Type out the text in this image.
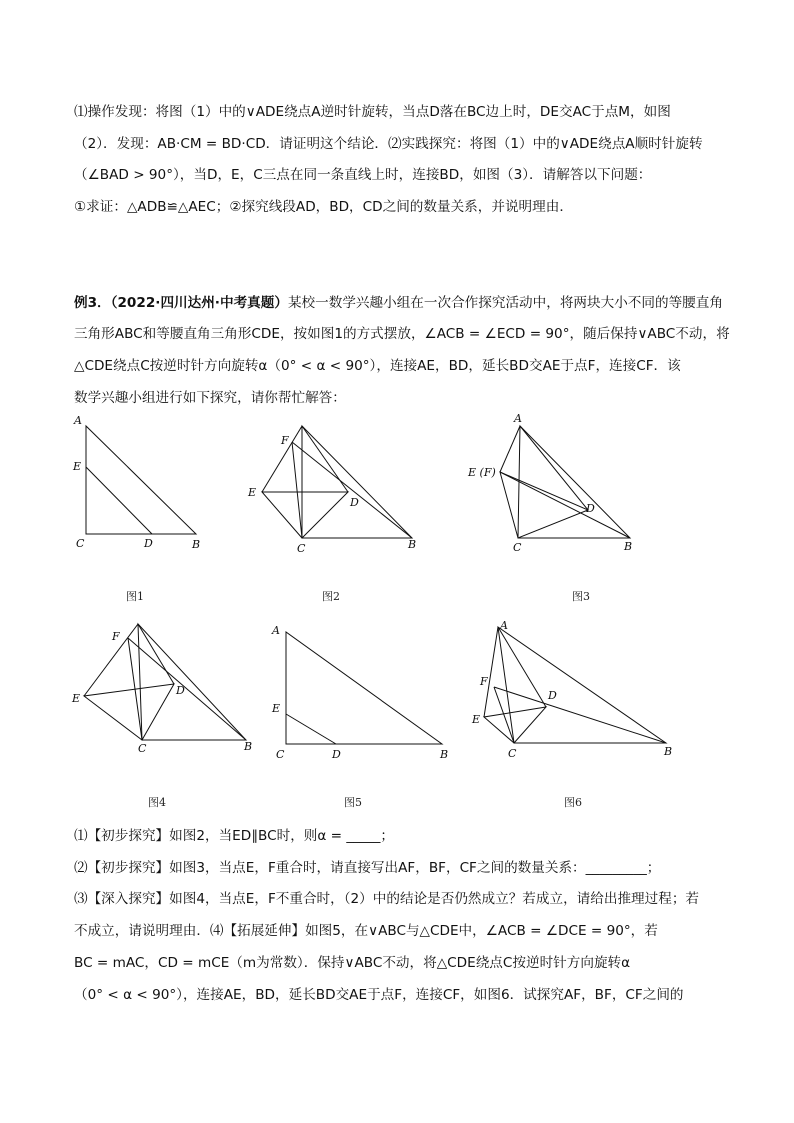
⑴操作发现：将图（1）中的∨ADE绕点A逆时针旋转，当点D落在BC边上时，DE交AC于点M，如图
（2）．发现：AB·CM = BD·CD．请证明这个结论．⑵实践探究：将图（1）中的∨ADE绕点A顺时针旋转
（∠BAD > 90°），当D，E，C三点在同一条直线上时，连接BD，如图（3）．请解答以下问题：
①求证：△ADB≌△AEC；②探究线段AD，BD，CD之间的数量关系，并说明理由．
例3．（2022·四川达州·中考真题）某校一数学兴趣小组在一次合作探究活动中，将两块大小不同的等腰直角
三角形ABC和等腰直角三角形CDE，按如图1的方式摆放，∠ACB = ∠ECD = 90°，随后保持∨ABC不动，将
△CDE绕点C按逆时针方向旋转α（0° < α < 90°），连接AE，BD，延长BD交AE于点F，连接CF．该
数学兴趣小组进行如下探究，请你帮忙解答：
A
E
C	D	B
图1
F
E
D
C	B
图2
A
E (F)
D
C	B
图3
F
E
D
C	B
图4
A
E
C	D	B
图5
A
F
D
E
C	B
图6
⑴【初步探究】如图2，当ED∥BC时，则α = _____；
⑵【初步探究】如图3，当点E，F重合时，请直接写出AF，BF，CF之间的数量关系：_________；
⑶【深入探究】如图4，当点E，F不重合时，（2）中的结论是否仍然成立？若成立，请给出推理过程；若
不成立，请说明理由．⑷【拓展延伸】如图5，在∨ABC与△CDE中，∠ACB = ∠DCE = 90°，若
BC = mAC，CD = mCE（m为常数）．保持∨ABC不动，将△CDE绕点C按逆时针方向旋转α
（0° < α < 90°），连接AE，BD，延长BD交AE于点F，连接CF，如图6．试探究AF，BF，CF之间的
